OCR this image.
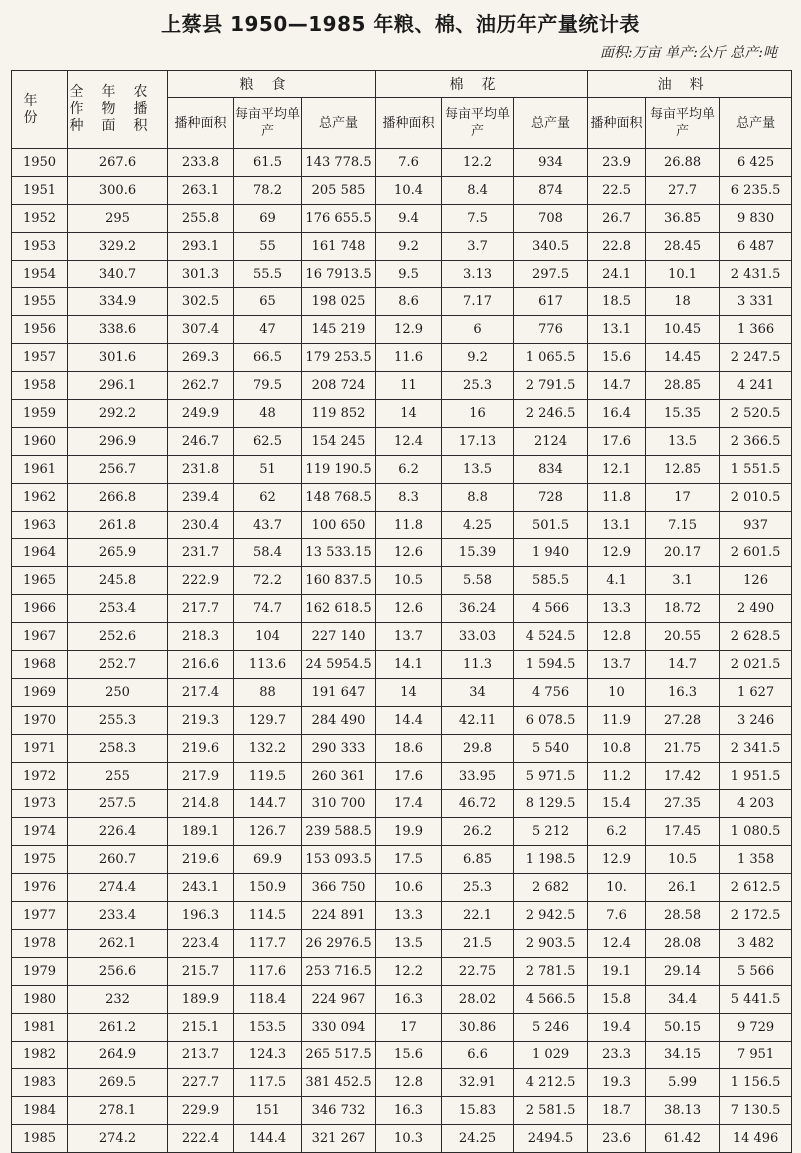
上蔡县 1950—1985 年粮、棉、油历年产量统计表
面积:万亩 单产:公斤 总产:吨
年份	全年农作物播种面积	粮食			棉花			油料		
		播种面积	每亩平均单产	总产量	播种面积	每亩平均单产	总产量	播种面积	每亩平均单产	总产量
1950	267.6	233.8	61.5	143 778.5	7.6	12.2	934	23.9	26.88	6 425
1951	300.6	263.1	78.2	205 585	10.4	8.4	874	22.5	27.7	6 235.5
1952	295	255.8	69	176 655.5	9.4	7.5	708	26.7	36.85	9 830
1953	329.2	293.1	55	161 748	9.2	3.7	340.5	22.8	28.45	6 487
1954	340.7	301.3	55.5	16 7913.5	9.5	3.13	297.5	24.1	10.1	2 431.5
1955	334.9	302.5	65	198 025	8.6	7.17	617	18.5	18	3 331
1956	338.6	307.4	47	145 219	12.9	6	776	13.1	10.45	1 366
1957	301.6	269.3	66.5	179 253.5	11.6	9.2	1 065.5	15.6	14.45	2 247.5
1958	296.1	262.7	79.5	208 724	11	25.3	2 791.5	14.7	28.85	4 241
1959	292.2	249.9	48	119 852	14	16	2 246.5	16.4	15.35	2 520.5
1960	296.9	246.7	62.5	154 245	12.4	17.13	2124	17.6	13.5	2 366.5
1961	256.7	231.8	51	119 190.5	6.2	13.5	834	12.1	12.85	1 551.5
1962	266.8	239.4	62	148 768.5	8.3	8.8	728	11.8	17	2 010.5
1963	261.8	230.4	43.7	100 650	11.8	4.25	501.5	13.1	7.15	937
1964	265.9	231.7	58.4	13 533.15	12.6	15.39	1 940	12.9	20.17	2 601.5
1965	245.8	222.9	72.2	160 837.5	10.5	5.58	585.5	4.1	3.1	126
1966	253.4	217.7	74.7	162 618.5	12.6	36.24	4 566	13.3	18.72	2 490
1967	252.6	218.3	104	227 140	13.7	33.03	4 524.5	12.8	20.55	2 628.5
1968	252.7	216.6	113.6	24 5954.5	14.1	11.3	1 594.5	13.7	14.7	2 021.5
1969	250	217.4	88	191 647	14	34	4 756	10	16.3	1 627
1970	255.3	219.3	129.7	284 490	14.4	42.11	6 078.5	11.9	27.28	3 246
1971	258.3	219.6	132.2	290 333	18.6	29.8	5 540	10.8	21.75	2 341.5
1972	255	217.9	119.5	260 361	17.6	33.95	5 971.5	11.2	17.42	1 951.5
1973	257.5	214.8	144.7	310 700	17.4	46.72	8 129.5	15.4	27.35	4 203
1974	226.4	189.1	126.7	239 588.5	19.9	26.2	5 212	6.2	17.45	1 080.5
1975	260.7	219.6	69.9	153 093.5	17.5	6.85	1 198.5	12.9	10.5	1 358
1976	274.4	243.1	150.9	366 750	10.6	25.3	2 682	10.	26.1	2 612.5
1977	233.4	196.3	114.5	224 891	13.3	22.1	2 942.5	7.6	28.58	2 172.5
1978	262.1	223.4	117.7	26 2976.5	13.5	21.5	2 903.5	12.4	28.08	3 482
1979	256.6	215.7	117.6	253 716.5	12.2	22.75	2 781.5	19.1	29.14	5 566
1980	232	189.9	118.4	224 967	16.3	28.02	4 566.5	15.8	34.4	5 441.5
1981	261.2	215.1	153.5	330 094	17	30.86	5 246	19.4	50.15	9 729
1982	264.9	213.7	124.3	265 517.5	15.6	6.6	1 029	23.3	34.15	7 951
1983	269.5	227.7	117.5	381 452.5	12.8	32.91	4 212.5	19.3	5.99	1 156.5
1984	278.1	229.9	151	346 732	16.3	15.83	2 581.5	18.7	38.13	7 130.5
1985	274.2	222.4	144.4	321 267	10.3	24.25	2494.5	23.6	61.42	14 496
